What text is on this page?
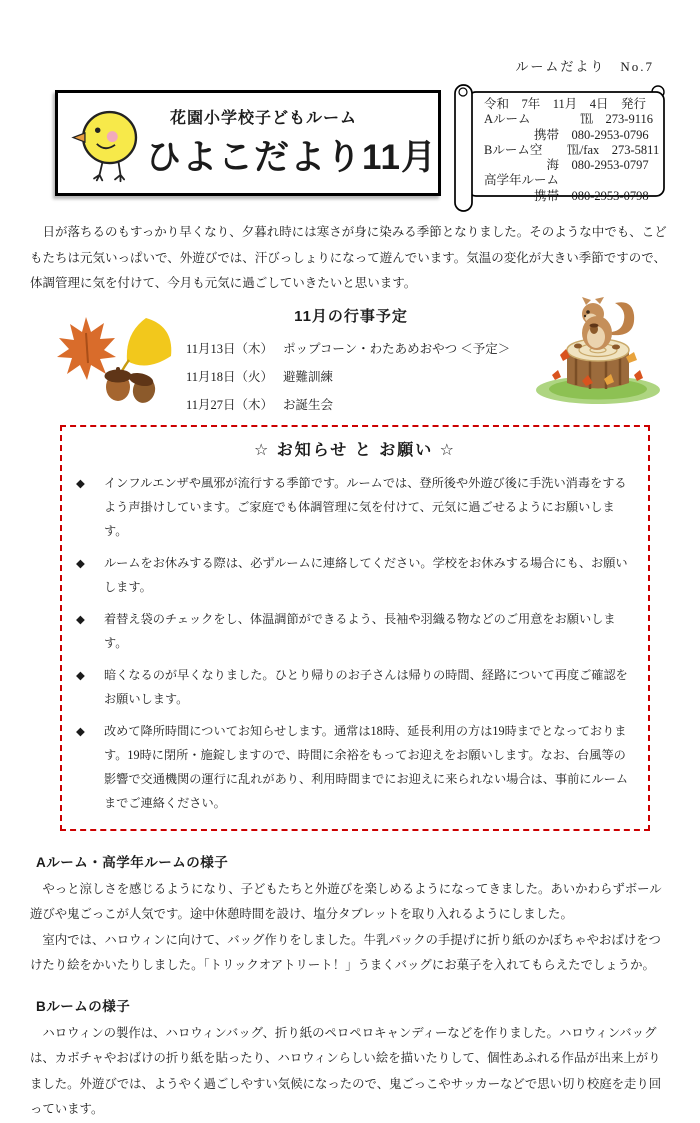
ルームだより　No.7
花園小学校子どもルーム
ひよこだより11月
令和　7年　11月　4日　発行
Aルーム　　　　℡　273-9116
　　　　携帯　080-2953-0796
Bルーム空　　℡/fax　273-5811
　　　　　海　080-2953-0797
高学年ルーム
　　　　携帯　080-2953-0798

　日が落ちるのもすっかり早くなり、夕暮れ時には寒さが身に染みる季節となりました。そのような中でも、こどもたちは元気いっぱいで、外遊びでは、汗びっしょりになって遊んでいます。気温の変化が大きい季節ですので、体調管理に気を付けて、今月も元気に過ごしていきたいと思います。

11月の行事予定
11月13日（木） ポップコーン・わたあめおやつ ＜予定＞
11月18日（火） 避難訓練
11月27日（木） お誕生会
☆ お知らせ と お願い ☆
◆	インフルエンザや風邪が流行する季節です。ルームでは、登所後や外遊び後に手洗い消毒をするよう声掛けしています。ご家庭でも体調管理に気を付けて、元気に過ごせるようにお願いします。
◆	ルームをお休みする際は、必ずルームに連絡してください。学校をお休みする場合にも、お願いします。
◆	着替え袋のチェックをし、体温調節ができるよう、長袖や羽織る物などのご用意をお願いします。
◆	暗くなるのが早くなりました。ひとり帰りのお子さんは帰りの時間、経路について再度ご確認をお願いします。
◆	改めて降所時間についてお知らせします。通常は18時、延長利用の方は19時までとなっております。19時に閉所・施錠しますので、時間に余裕をもってお迎えをお願いします。なお、台風等の影響で交通機関の運行に乱れがあり、利用時間までにお迎えに来られない場合は、事前にルームまでご連絡ください。
Aルーム・高学年ルームの様子

　やっと涼しさを感じるようになり、子どもたちと外遊びを楽しめるようになってきました。あいかわらずボール遊びや鬼ごっこが人気です。途中休憩時間を設け、塩分タブレットを取り入れるようにしました。

　室内では、ハロウィンに向けて、バッグ作りをしました。牛乳パックの手提げに折り紙のかぼちゃやおばけをつけたり絵をかいたりしました。「トリックオアトリート！」うまくバッグにお菓子を入れてもらえたでしょうか。

Bルームの様子

　ハロウィンの製作は、ハロウィンバッグ、折り紙のペロペロキャンディーなどを作りました。ハロウィンバッグは、カボチャやおばけの折り紙を貼ったり、ハロウィンらしい絵を描いたりして、個性あふれる作品が出来上がりました。外遊びでは、ようやく過ごしやすい気候になったので、鬼ごっこやサッカーなどで思い切り校庭を走り回っています。
